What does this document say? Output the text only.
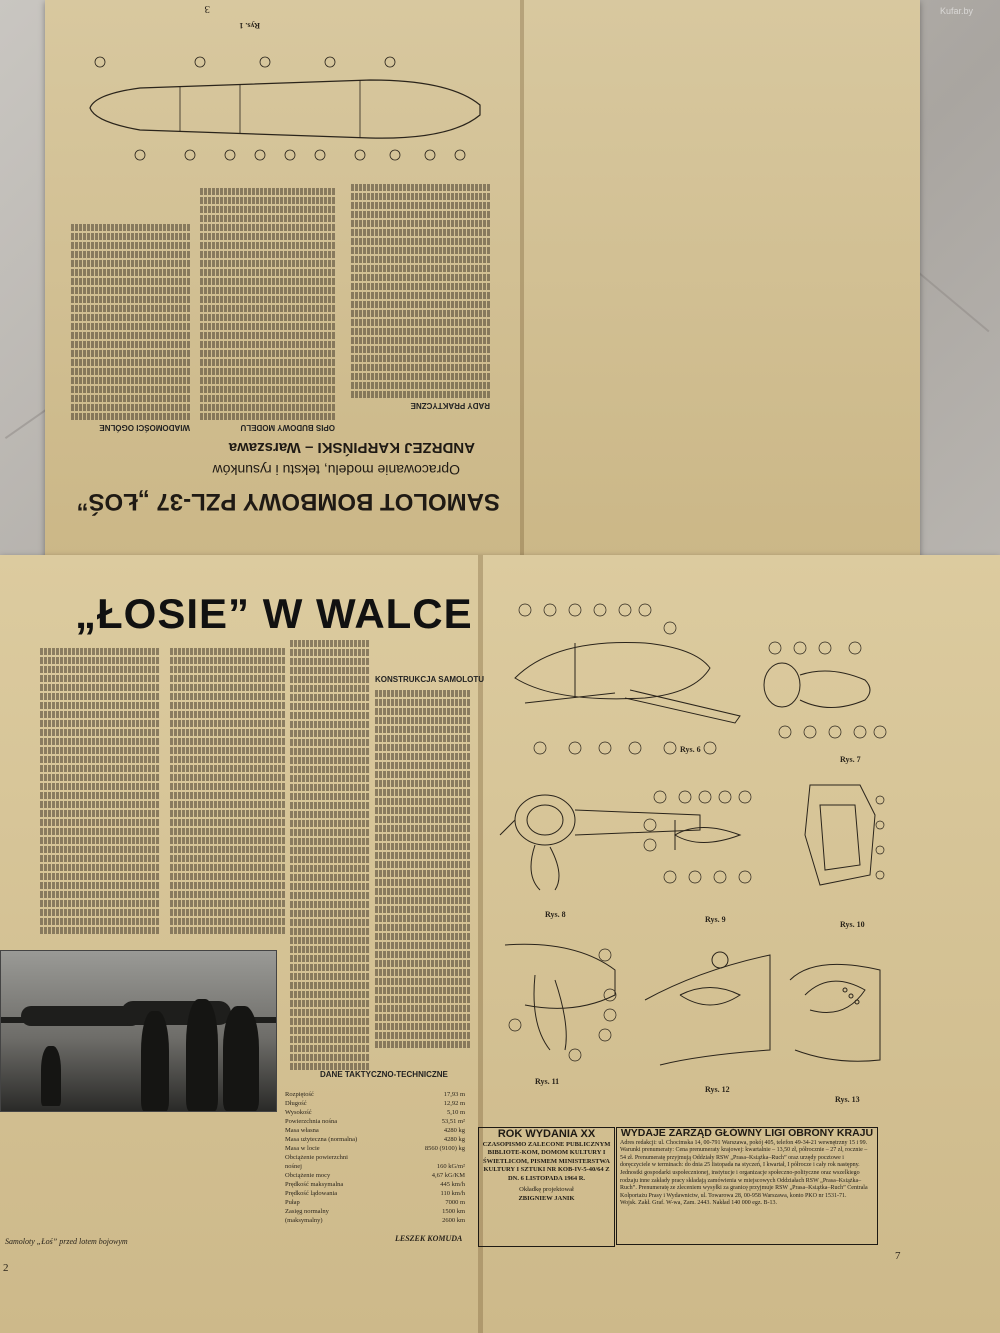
SAMOLOT BOMBOWY PZL-37 „ŁOŚ”
Opracowanie modelu, tekstu i rysunków
ANDRZEJ KARPIŃSKI – Warszawa
WIADOMOŚCI OGÓLNE	OPIS BUDOWY MODELU
RADY PRAKTYCZNE
Rys. 1
3
„ŁOSIE” W WALCE
KONSTRUKCJA SAMOLOTU
DANE TAKTYCZNO-TECHNICZNE
Rozpiętość	17,93 m
Długość	12,92 m
Wysokość	5,10 m
Powierzchnia nośna	53,51 m²
Masa własna	4280 kg
Masa użyteczna (normalna)	4280 kg
Masa w locie	8560 (9100) kg
Obciążenie powierzchni
nośnej	160 kG/m²
Obciążenie mocy	4,67 kG/KM
Prędkość maksymalna	445 km/h
Prędkość lądowania	110 km/h
Pułap	7000 m
Zasięg normalny	1500 km
(maksymalny)	2600 km
Samoloty „Łoś” przed lotem bojowym	LESZEK KOMUDA
2
Rys. 6
Rys. 7
Rys. 8
Rys. 9
Rys. 10
Rys. 11
Rys. 12
Rys. 13
ROK WYDANIA XX
CZASOPISMO ZALECONE PUBLICZNYM BIBLIOTE-KOM, DOMOM KULTURY I ŚWIETLICOM, PISMEM MINISTERSTWA KULTURY I SZTUKI NR KOB-IV-5-40/64 Z DN. 6 LISTOPADA 1964 R.
Okładkę projektował
ZBIGNIEW JANIK
WYDAJE ZARZĄD GŁÓWNY LIGI OBRONY KRAJU
Adres redakcji: ul. Chocimska 14, 00-791 Warszawa, pokój 405, telefon 49-34-21 wewnętrzny 15 i 99. Warunki prenumeraty: Cena prenumeraty krajowej: kwartalnie – 13,50 zł, półrocznie – 27 zł, rocznie – 54 zł. Prenumeratę przyjmują Oddziały RSW „Prasa–Książka–Ruch” oraz urzędy pocztowe i doręczyciele w terminach: do dnia 25 listopada na styczeń, I kwartał, I półrocze i cały rok następny. Jednostki gospodarki uspołecznionej, instytucje i organizacje społeczno-polityczne oraz wszelkiego rodzaju inne zakłady pracy składają zamówienia w miejscowych Oddziałach RSW „Prasa–Książka–Ruch”. Prenumeratę ze zleceniem wysyłki za granicę przyjmuje RSW „Prasa–Książka–Ruch” Centrala Kolportażu Prasy i Wydawnictw, ul. Towarowa 28, 00-958 Warszawa, konto PKO nr 1531-71.
Wojsk. Zakł. Graf. W-wa, Zam. 2443. Nakład 140 000 egz. B-13.
7
Kufar.by
